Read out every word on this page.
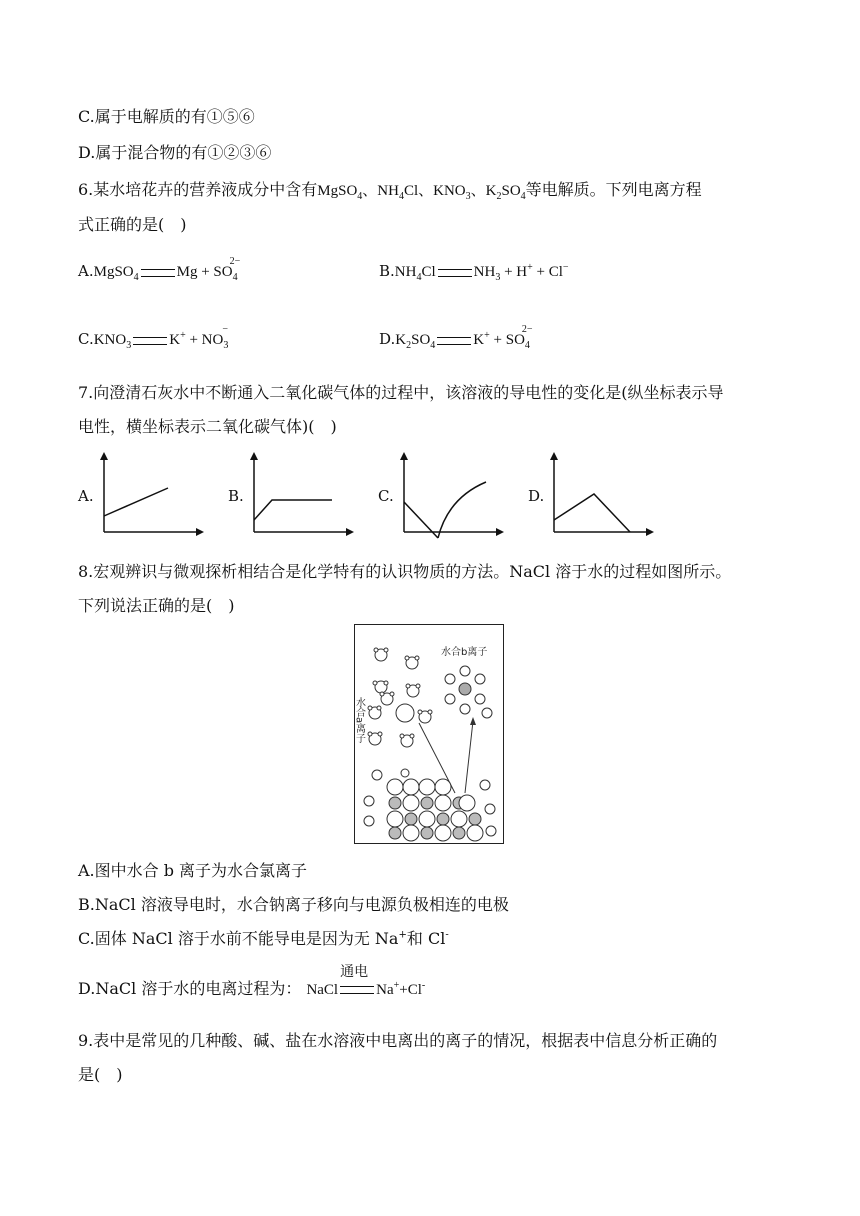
C.属于电解质的有①⑤⑥
D.属于混合物的有①②③⑥
6.某水培花卉的营养液成分中含有MgSO$_4$、$NH_4Cl$、$KNO_3$、$K_2SO_4$等电解质。下列电离方程
式正确的是(　)
A.MgSO$_4$	$Mg + SO_4^{2-}$
$B.NH_4Cl$	$NH_3 + H^+ + Cl^-$
$C.KNO_3$	$K^+ + NO_3^-$
$D.K_2SO_4$	$K^+ + SO_4^{2-}$
7.向澄清石灰水中不断通入二氧化碳气体的过程中，该溶液的导电性的变化是(纵坐标表示导
电性，横坐标表示二氧化碳气体)(　)
A.	B.	C.	D.
8.宏观辨识与微观探析相结合是化学特有的认识物质的方法。NaCl 溶于水的过程如图所示。
下列说法正确的是(　)
水合b离子
水合a离子
A.图中水合 b 离子为水合氯离子
B.NaCl 溶液导电时，水合钠离子移向与电源负极相连的电极
C.固体 NaCl 溶于水前不能导电是因为无 Na+和 Cl-
D.NaCl 溶于水的电离过程为： NaCl
通电
Na++Cl-
9.表中是常见的几种酸、碱、盐在水溶液中电离出的离子的情况，根据表中信息分析正确的
是(　)
